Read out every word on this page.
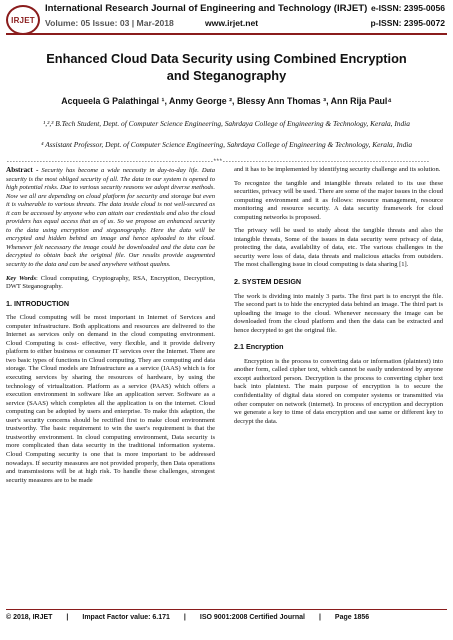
IRJET
International Research Journal of Engineering and Technology (IRJET)
Volume: 05 Issue: 03 | Mar-2018	www.irjet.net
e-ISSN: 2395-0056
p-ISSN: 2395-0072
Enhanced Cloud Data Security using Combined Encryption and Steganography
Acqueela G Palathingal ¹, Anmy George ², Blessy Ann Thomas ³, Ann Rija Paul⁴
¹,²,³ B.Tech Student, Dept. of Computer Science Engineering, Sahrdaya College of Engineering & Technology, Kerala, India
⁴ Assistant Professor, Dept. of Computer Science Engineering, Sahrdaya College of Engineering & Technology, Kerala, India
---------------------------------------------------------------------***---------------------------------------------------------------------

Abstract - Security has become a wide necessity in day-to-day life. Data security is the most obliged security of all. The data in our system is opened to high potential risks. Due to various security reasons we adopt diverse methods. Now we all are depending on cloud platform for security and storage but even it is vulnerable to various threats. The data inside cloud is not well-secured as it can be accessed by anyone who can attain our credentials and also the cloud providers has equal access that as of us. So we propose an enhanced security to the data using encryption and steganography. Here the data will be encrypted and hidden behind an image and hence uploaded to the cloud. Whenever felt necessary the image could be downloaded and the data can be decrypted to obtain back the original file. Our results provide augmented security to the data and can be used anywhere without qualms.

Key Words: Cloud computing, Cryptography, RSA, Encryption, Decryption, DWT Steganography.

1. INTRODUCTION

The Cloud computing will be most important in Internet of Services and computer infrastructure. Both applications and resources are delivered to the Internet as services only on demand in the cloud computing environment. Cloud Computing is cost- effective, very flexible, and it provide delivery platform to either business or consumer IT services over the Internet. There are two basic types of functions in Cloud computing. They are computing and data storage. The Cloud models are Infrastructure as a service (IAAS) which is for executing services by sharing the resources of hardware, by using the technology of virtualization. Platform as a service (PAAS) which offers a execution environment in software like an application server. Software as a service (SAAS) which completes all the application is on the internet. Cloud computing can be adopted by users and enterprise. To make this adaption, the user's security concerns should be rectified first to make cloud environment trustworthy. The basic requirement to win the user's requirement is that the trustworthy environment. In cloud computing environment, Data security is more complicated than data security in the traditional information systems. Cloud Computing security is one that is more important to be addressed nowadays. If security measures are not provided properly, then Data operations and transmissions will be at high risk. To handle these challenges, strongest security measures are to be made

and it has to be implemented by identifying security challenge and its solution.

To recognize the tangible and intangible threats related to its use these securities, privacy will be used. There are some of the major issues in the cloud computing environment and it as follows: resource management, resource monitoring and resource security. A data security framework for cloud computing networks is proposed.

The privacy will be used to study about the tangible threats and also the intangible threats, Some of the issues in data security were privacy of data, protecting the data, availability of data, etc. The various challenges in the security were loss of data, data threats and malicious attacks from outsiders. The most challenging issue in cloud computing is data sharing [1].

2. SYSTEM DESIGN

The work is dividing into mainly 3 parts. The first part is to encrypt the file. The second part is to hide the encrypted data behind an image. The third part is uploading the image to the cloud. Whenever necessary the image can be downloaded from the cloud platform and then the data can be extracted and hence decrypted to get the original file.

2.1 Encryption

Encryption is the process to converting data or information (plaintext) into another form, called cipher text, which cannot be easily understood by anyone except authorized person. Decryption is the process to converting cipher text back into plaintext. The main purpose of encryption is to secure the confidentiality of digital data stored on computer systems or transmitted via other computer on network (internet). In process of encryption and decryption we generate a key to time of data encryption and use same or different key to decrypt the data.

© 2018, IRJET | Impact Factor value: 6.171 | ISO 9001:2008 Certified Journal | Page 1856
